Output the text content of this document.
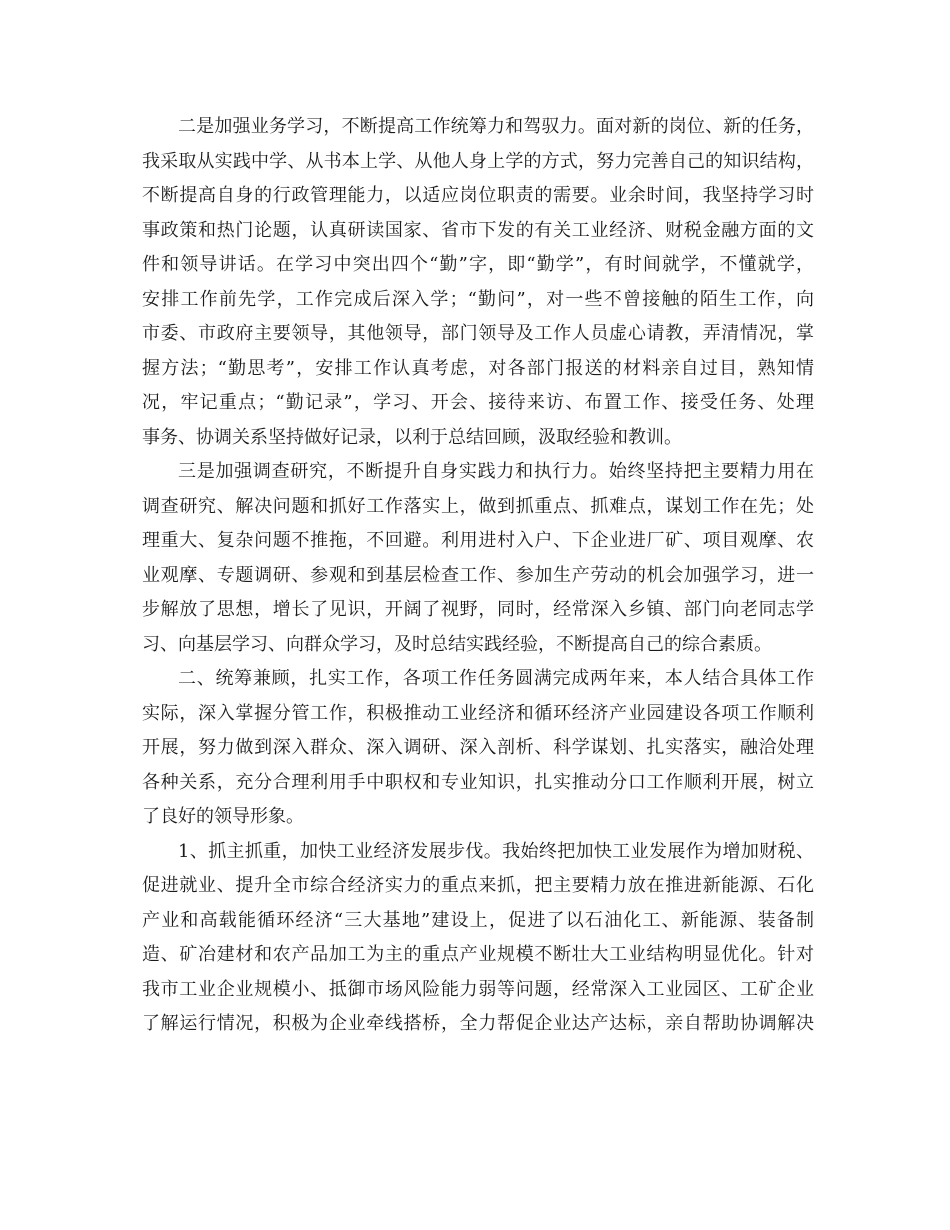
二是加强业务学习，不断提高工作统筹力和驾驭力。面对新的岗位、新的任务，
我采取从实践中学、从书本上学、从他人身上学的方式，努力完善自己的知识结构，
不断提高自身的行政管理能力，以适应岗位职责的需要。业余时间，我坚持学习时
事政策和热门论题，认真研读国家、省市下发的有关工业经济、财税金融方面的文
件和领导讲话。在学习中突出四个“勤”字，即“勤学”，有时间就学，不懂就学，
安排工作前先学，工作完成后深入学；“勤问”，对一些不曾接触的陌生工作，向
市委、市政府主要领导，其他领导，部门领导及工作人员虚心请教，弄清情况，掌
握方法；“勤思考”，安排工作认真考虑，对各部门报送的材料亲自过目，熟知情
况，牢记重点；“勤记录”，学习、开会、接待来访、布置工作、接受任务、处理
事务、协调关系坚持做好记录，以利于总结回顾，汲取经验和教训。
三是加强调查研究，不断提升自身实践力和执行力。始终坚持把主要精力用在
调查研究、解决问题和抓好工作落实上，做到抓重点、抓难点，谋划工作在先；处
理重大、复杂问题不推拖，不回避。利用进村入户、下企业进厂矿、项目观摩、农
业观摩、专题调研、参观和到基层检查工作、参加生产劳动的机会加强学习，进一
步解放了思想，增长了见识，开阔了视野，同时，经常深入乡镇、部门向老同志学
习、向基层学习、向群众学习，及时总结实践经验，不断提高自己的综合素质。
二、统筹兼顾，扎实工作，各项工作任务圆满完成两年来，本人结合具体工作
实际，深入掌握分管工作，积极推动工业经济和循环经济产业园建设各项工作顺利
开展，努力做到深入群众、深入调研、深入剖析、科学谋划、扎实落实，融洽处理
各种关系，充分合理利用手中职权和专业知识，扎实推动分口工作顺利开展，树立
了良好的领导形象。
1、抓主抓重，加快工业经济发展步伐。我始终把加快工业发展作为增加财税、
促进就业、提升全市综合经济实力的重点来抓，把主要精力放在推进新能源、石化
产业和高载能循环经济“三大基地”建设上，促进了以石油化工、新能源、装备制
造、矿冶建材和农产品加工为主的重点产业规模不断壮大工业结构明显优化。针对
我市工业企业规模小、抵御市场风险能力弱等问题，经常深入工业园区、工矿企业
了解运行情况，积极为企业牵线搭桥，全力帮促企业达产达标，亲自帮助协调解决
